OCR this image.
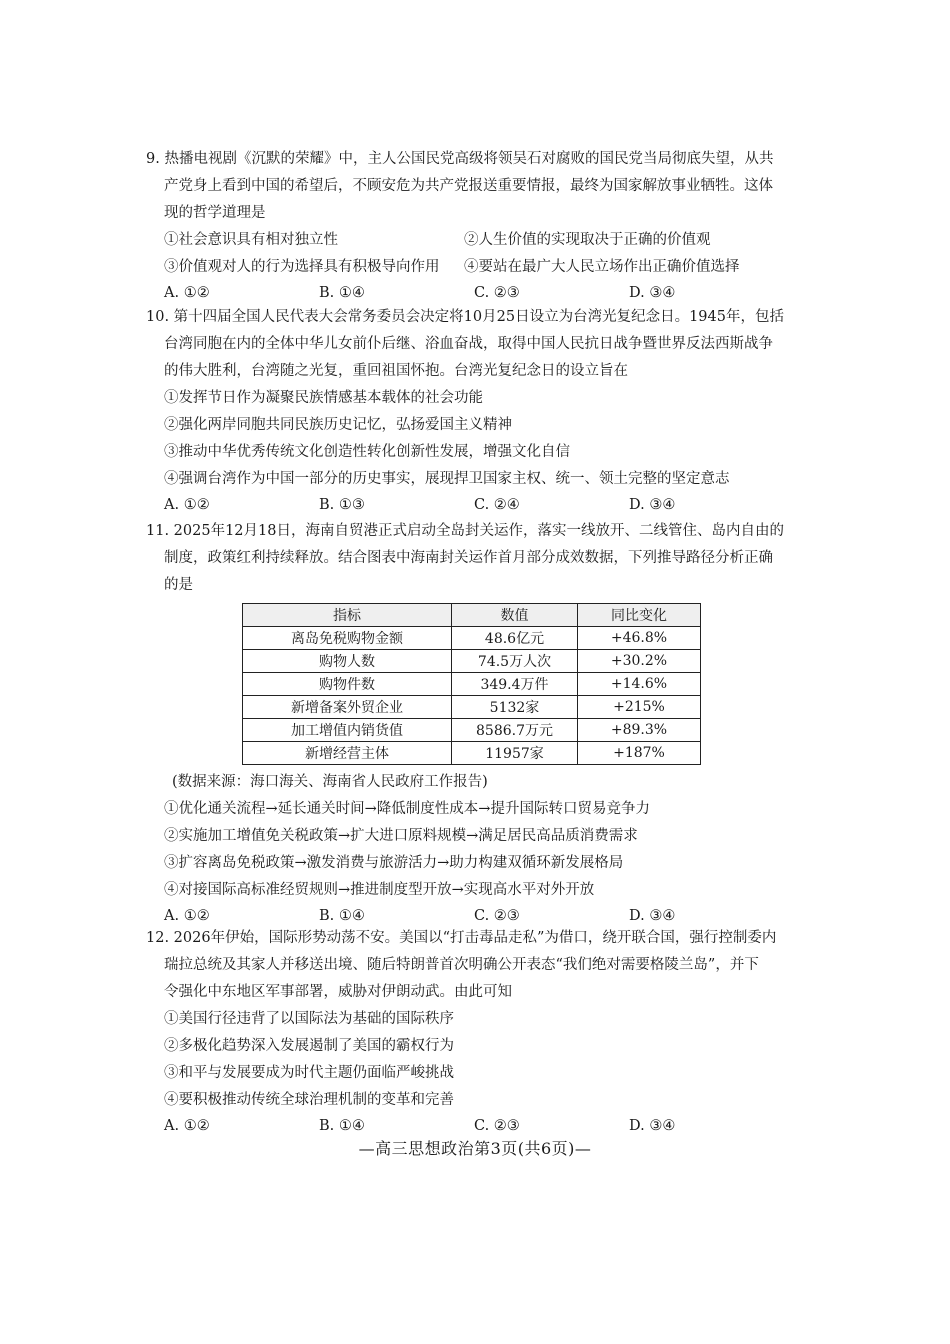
9. 热播电视剧《沉默的荣耀》中，主人公国民党高级将领吴石对腐败的国民党当局彻底失望，从共

产党身上看到中国的希望后，不顾安危为共产党报送重要情报，最终为国家解放事业牺牲。这体

现的哲学道理是

①社会意识具有相对独立性	②人生价值的实现取决于正确的价值观
③价值观对人的行为选择具有积极导向作用	④要站在最广大人民立场作出正确价值选择
A. ①②	B. ①④	C. ②③	D. ③④

10. 第十四届全国人民代表大会常务委员会决定将10月25日设立为台湾光复纪念日。1945年，包括

台湾同胞在内的全体中华儿女前仆后继、浴血奋战，取得中国人民抗日战争暨世界反法西斯战争

的伟大胜利，台湾随之光复，重回祖国怀抱。台湾光复纪念日的设立旨在

①发挥节日作为凝聚民族情感基本载体的社会功能

②强化两岸同胞共同民族历史记忆，弘扬爱国主义精神

③推动中华优秀传统文化创造性转化创新性发展，增强文化自信

④强调台湾作为中国一部分的历史事实，展现捍卫国家主权、统一、领土完整的坚定意志

A. ①②	B. ①③	C. ②④	D. ③④

11. 2025年12月18日，海南自贸港正式启动全岛封关运作，落实一线放开、二线管住、岛内自由的

制度，政策红利持续释放。结合图表中海南封关运作首月部分成效数据，下列推导路径分析正确

的是

指标	数值	同比变化
离岛免税购物金额	48.6亿元	+46.8%
购物人数	74.5万人次	+30.2%
购物件数	349.4万件	+14.6%
新增备案外贸企业	5132家	+215%
加工增值内销货值	8586.7万元	+89.3%
新增经营主体	11957家	+187%
(数据来源：海口海关、海南省人民政府工作报告)

①优化通关流程→延长通关时间→降低制度性成本→提升国际转口贸易竞争力

②实施加工增值免关税政策→扩大进口原料规模→满足居民高品质消费需求

③扩容离岛免税政策→激发消费与旅游活力→助力构建双循环新发展格局

④对接国际高标准经贸规则→推进制度型开放→实现高水平对外开放

A. ①②	B. ①④	C. ②③	D. ③④

12. 2026年伊始，国际形势动荡不安。美国以“打击毒品走私”为借口，绕开联合国，强行控制委内

瑞拉总统及其家人并移送出境、随后特朗普首次明确公开表态“我们绝对需要格陵兰岛”，并下

令强化中东地区军事部署，威胁对伊朗动武。由此可知

①美国行径违背了以国际法为基础的国际秩序

②多极化趋势深入发展遏制了美国的霸权行为

③和平与发展要成为时代主题仍面临严峻挑战

④要积极推动传统全球治理机制的变革和完善

A. ①②	B. ①④	C. ②③	D. ③④
—高三思想政治第3页(共6页)—
